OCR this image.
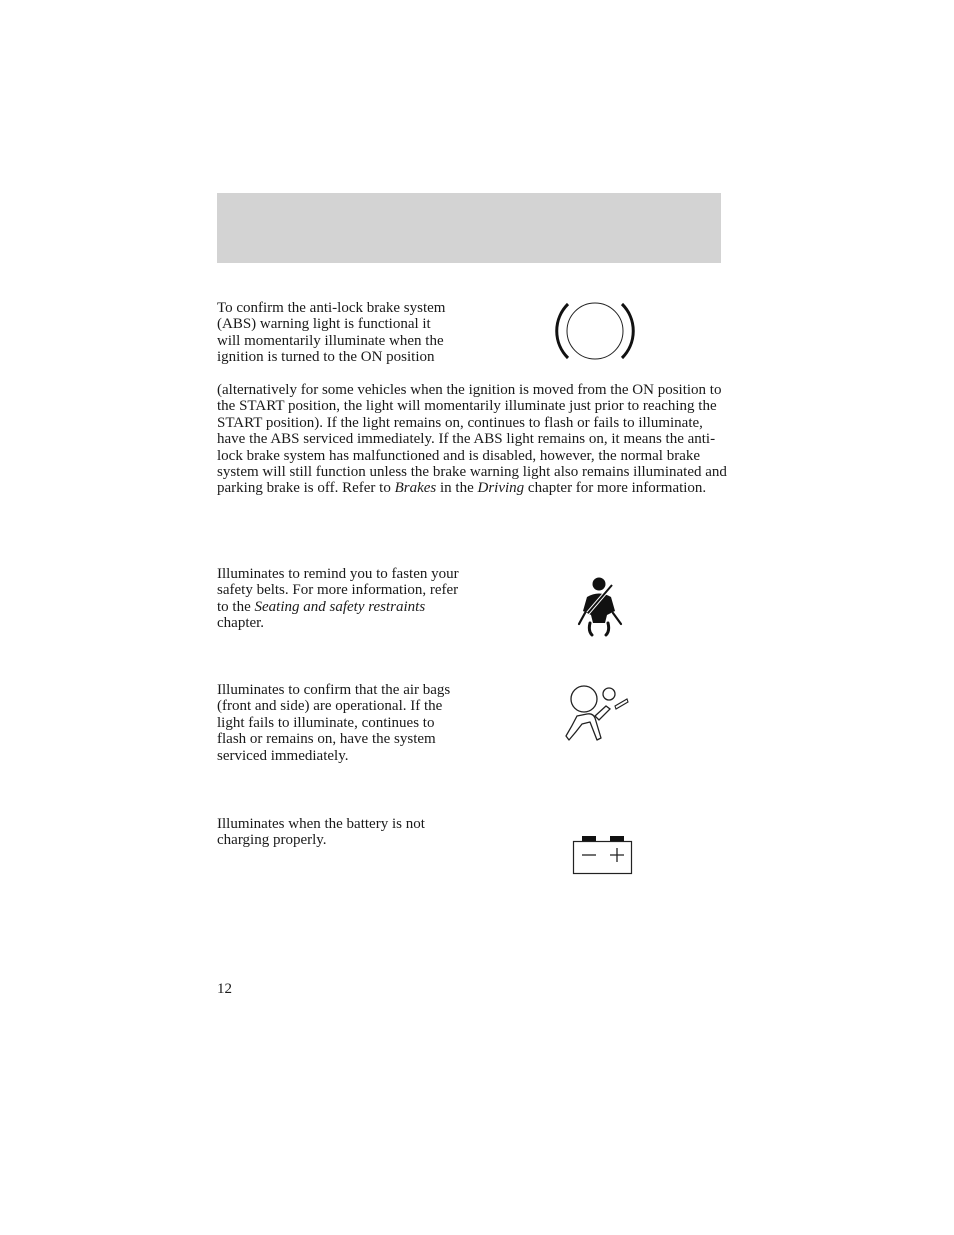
To confirm the anti-lock brake system (ABS) warning light is functional it will momentarily illuminate when the ignition is turned to the ON position

(alternatively for some vehicles when the ignition is moved from the ON position to the START position, the light will momentarily illuminate just prior to reaching the START position). If the light remains on, continues to flash or fails to illuminate, have the ABS serviced immediately. If the ABS light remains on, it means the anti-lock brake system has malfunctioned and is disabled, however, the normal brake system will still function unless the brake warning light also remains illuminated and parking brake is off. Refer to Brakes in the Driving chapter for more information.

Illuminates to remind you to fasten your safety belts. For more information, refer to the Seating and safety restraints chapter.

Illuminates to confirm that the air bags (front and side) are operational. If the light fails to illuminate, continues to flash or remains on, have the system serviced immediately.

Illuminates when the battery is not charging properly.

12
